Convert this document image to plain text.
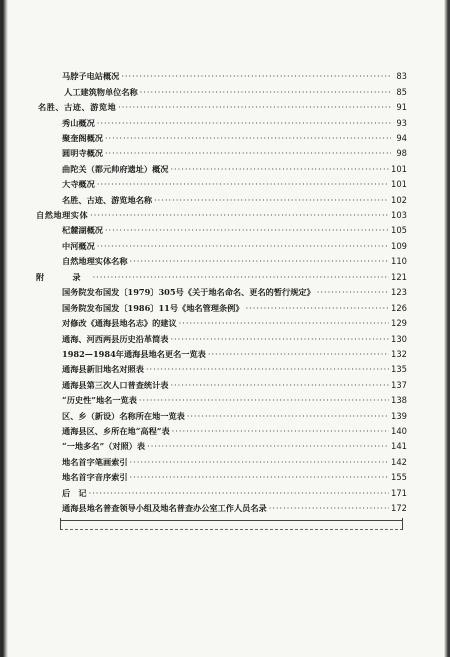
马脖子电站概况 ·····	83
人工建筑物单位名称 ·····	85
名胜、古迹、游览地 ·····	91
秀山概况 ·····	93
聚奎阁概况 ·····	94
圆明寺概况 ·····	98
曲陀关（都元帅府遗址）概况 ·····	101
大寺概况 ·····	101
名胜、古迹、游览地名称 ·····	102
自然地理实体 ·····	103
杞麓湖概况 ·····	105
中河概况 ·····	109
自然地理实体名称 ·····	110
附　录 ·····	121
国务院发布国发〔1979〕305号《关于地名命名、更名的暂行规定》 ·····	123
国务院发布国发〔1986〕11号《地名管理条例》 ·····	126
对修改《通海县地名志》的建议 ·····	129
通海、河西两县历史沿革简表 ·····	130
1982—1984年通海县地名更名一览表 ·····	132
通海县新旧地名对照表 ·····	135
通海县第三次人口普查统计表 ·····	137
“历史性”地名一览表 ·····	138
区、乡（新设）名称所在地一览表 ·····	139
通海县区、乡所在地“高程”表 ·····	140
“一地多名”（对照）表 ·····	141
地名首字笔画索引 ·····	142
地名首字音序索引 ·····	155
后　记 ·····	171
通海县地名普查领导小组及地名普查办公室工作人员名录 ·····	172
